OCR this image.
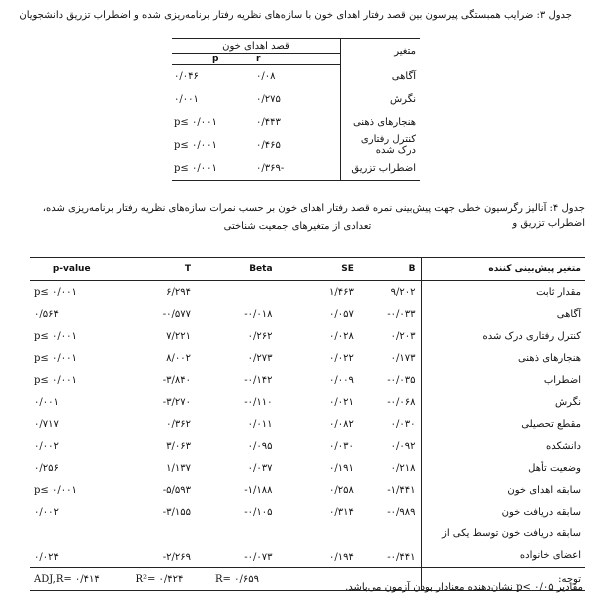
جدول ۳: ضرایب همبستگی پیرسون بین قصد رفتار اهدای خون با سازه‌های نظریه رفتار برنامه‌ریزی شده و اضطراب تزریق دانشجویان
متغیر	قصد اهدای خون	
	r	p
آگاهی	۰/۰۸	۰/۰۴۶
نگرش	۰/۲۷۵	۰/۰۰۱
هنجارهای ذهنی	۰/۴۴۳	p≤ ۰/۰۰۱
کنترل رفتاری درک شده	۰/۴۶۵	p≤ ۰/۰۰۱
اضطراب تزریق	-۰/۳۶۹	p≤ ۰/۰۰۱
جدول ۴: آنالیز رگرسیون خطی جهت پیش‌بینی نمره قصد رفتار اهدای خون بر حسب نمرات سازه‌های نظریه رفتار برنامه‌ریزی شده، اضطراب تزریق و
تعدادی از متغیرهای جمعیت شناختی
p-value	T	Beta	SE	B	متغیر پیش‌بینی کننده
p≤ ۰/۰۰۱	۶/۲۹۴		۱/۴۶۳	۹/۲۰۲	مقدار ثابت
۰/۵۶۴	-۰/۵۷۷	-۰/۰۱۸	۰/۰۵۷	-۰/۰۳۳	آگاهی
p≤ ۰/۰۰۱	۷/۲۲۱	۰/۲۶۲	۰/۰۲۸	۰/۲۰۳	کنترل رفتاری درک شده
p≤ ۰/۰۰۱	۸/۰۰۲	۰/۲۷۳	۰/۰۲۲	۰/۱۷۳	هنجارهای ذهنی
p≤ ۰/۰۰۱	-۳/۸۴۰	-۰/۱۴۲	۰/۰۰۹	-۰/۰۳۵	اضطراب
۰/۰۰۱	-۳/۲۷۰	-۰/۱۱۰	۰/۰۲۱	-۰/۰۶۸	نگرش
۰/۷۱۷	۰/۳۶۲	۰/۰۱۱	۰/۰۸۲	۰/۰۳۰	مقطع تحصیلی
۰/۰۰۲	۳/۰۶۳	۰/۰۹۵	۰/۰۳۰	۰/۰۹۲	دانشکده
۰/۲۵۶	۱/۱۳۷	۰/۰۳۷	۰/۱۹۱	۰/۲۱۸	وضعیت تأهل
p≤ ۰/۰۰۱	-۵/۵۹۳	-۱/۱۸۸	۰/۲۵۸	-۱/۴۴۱	سابقه اهدای خون
۰/۰۰۲	-۳/۱۵۵	-۰/۱۰۵	۰/۳۱۴	-۰/۹۸۹	سابقه دریافت خون
۰/۰۲۴	-۲/۲۶۹	-۰/۰۷۳	۰/۱۹۴	-۰/۴۴۱	سابقه دریافت خون توسط یکی از
اعضای خانواده

ADJ,R= ۰/۴۱۴	R²= ۰/۴۲۴	R= ۰/۶۵۹			توجه:
مقادیر p< ۰/۰۵ نشان‌دهنده معنادار بودن آزمون می‌باشد.
